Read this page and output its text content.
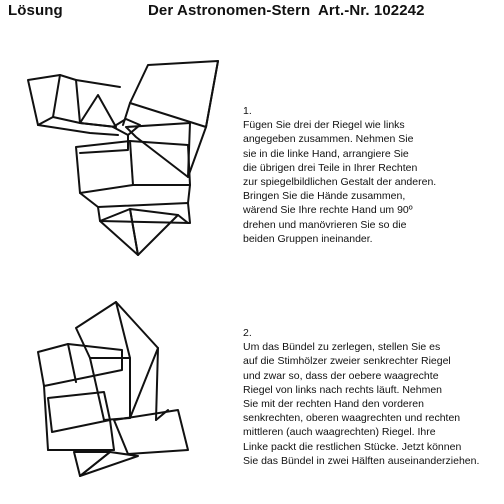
Lösung	Der Astronomen-Stern Art.-Nr. 102242
1.
Fügen Sie drei der Riegel wie links
angegeben zusammen. Nehmen Sie
sie in die linke Hand, arrangiere Sie
die übrigen drei Teile in Ihrer Rechten
zur spiegelbildlichen Gestalt der anderen.
Bringen Sie die Hände zusammen,
wärend Sie Ihre rechte Hand um 90º
drehen und manövrieren Sie so die
beiden Gruppen ineinander.
2.
Um das Bündel zu zerlegen, stellen Sie es
auf die Stimhölzer zweier senkrechter Riegel
und zwar so, dass der oebere waagrechte
Riegel von links nach rechts läuft. Nehmen
Sie mit der rechten Hand den vorderen
senkrechten, oberen waagrechten und rechten
mittleren (auch waagrechten) Riegel. Ihre
Linke packt die restlichen Stücke. Jetzt können
Sie das Bündel in zwei Hälften auseinanderziehen.
